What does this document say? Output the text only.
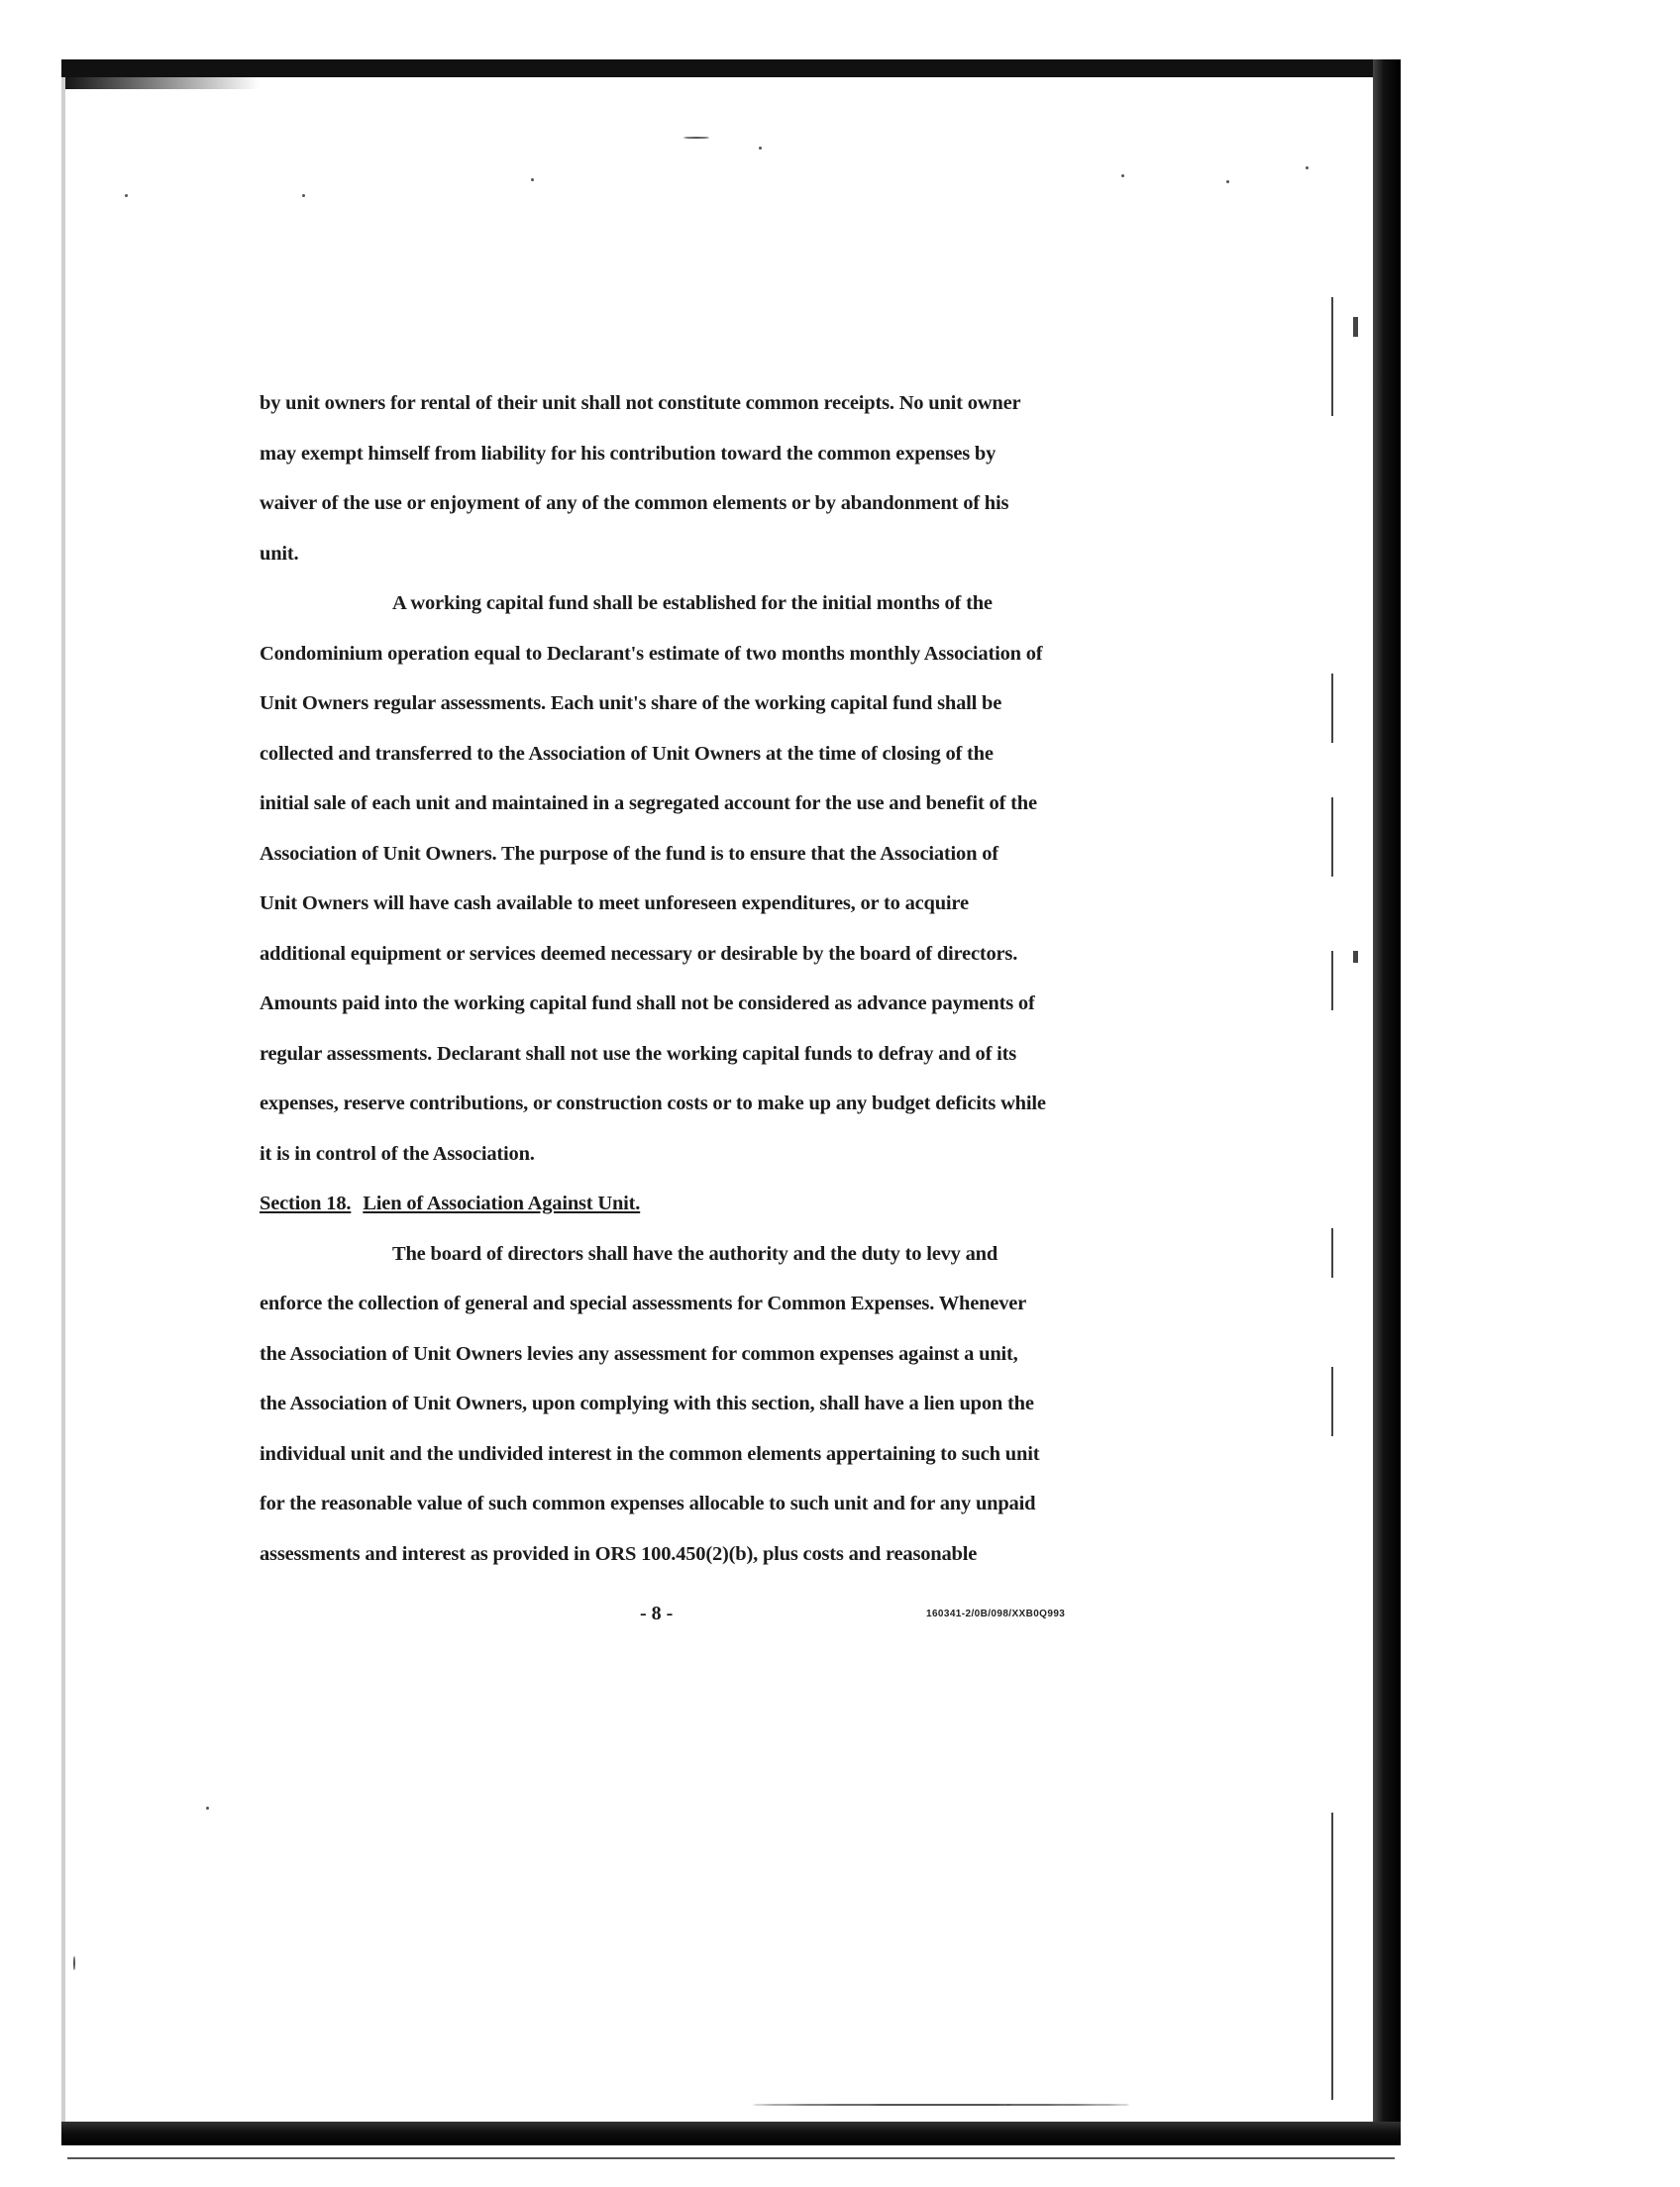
by unit owners for rental of their unit shall not constitute common receipts. No unit owner
may exempt himself from liability for his contribution toward the common expenses by
waiver of the use or enjoyment of any of the common elements or by abandonment of his
unit.
A working capital fund shall be established for the initial months of the
Condominium operation equal to Declarant's estimate of two months monthly Association of
Unit Owners regular assessments. Each unit's share of the working capital fund shall be
collected and transferred to the Association of Unit Owners at the time of closing of the
initial sale of each unit and maintained in a segregated account for the use and benefit of the
Association of Unit Owners. The purpose of the fund is to ensure that the Association of
Unit Owners will have cash available to meet unforeseen expenditures, or to acquire
additional equipment or services deemed necessary or desirable by the board of directors.
Amounts paid into the working capital fund shall not be considered as advance payments of
regular assessments. Declarant shall not use the working capital funds to defray and of its
expenses, reserve contributions, or construction costs or to make up any budget deficits while
it is in control of the Association.
Section 18. Lien of Association Against Unit.
The board of directors shall have the authority and the duty to levy and
enforce the collection of general and special assessments for Common Expenses. Whenever
the Association of Unit Owners levies any assessment for common expenses against a unit,
the Association of Unit Owners, upon complying with this section, shall have a lien upon the
individual unit and the undivided interest in the common elements appertaining to such unit
for the reasonable value of such common expenses allocable to such unit and for any unpaid
assessments and interest as provided in ORS 100.450(2)(b), plus costs and reasonable
- 8 -	160341-2/0B/098/XXB0Q993
